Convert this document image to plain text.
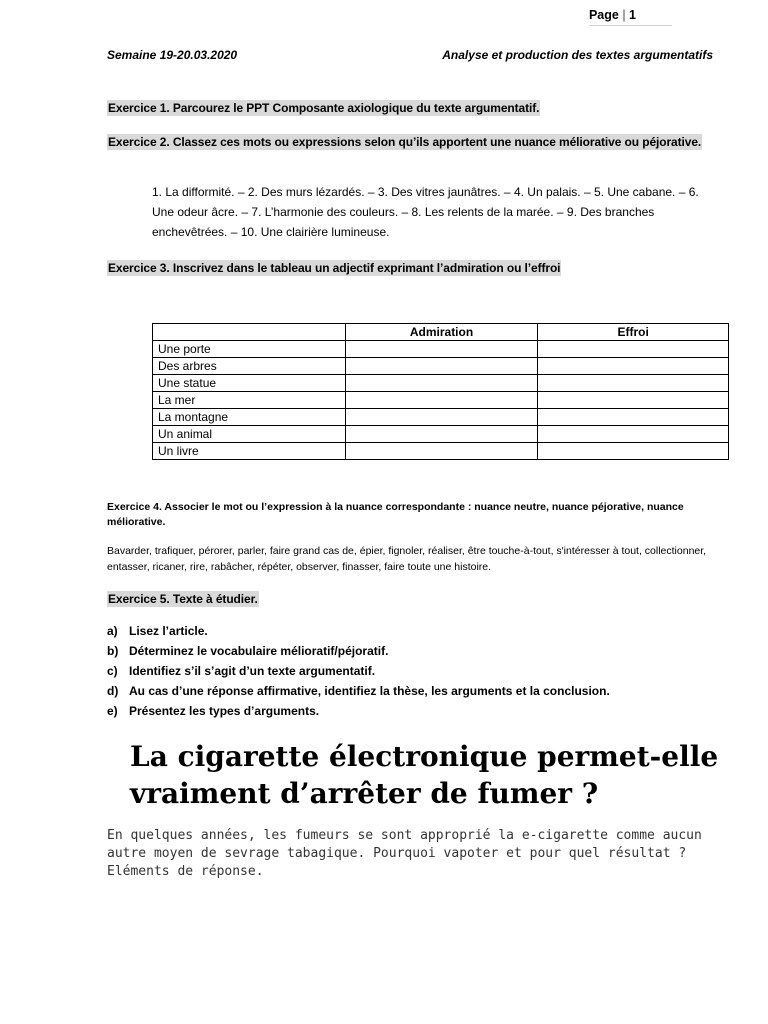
Page | 1
Semaine 19-20.03.2020	Analyse et production des textes argumentatifs
Exercice 1. Parcourez le PPT Composante axiologique du texte argumentatif.
Exercice 2. Classez ces mots ou expressions selon qu’ils apportent une nuance méliorative ou péjorative.
1. La difformité. – 2. Des murs lézardés. – 3. Des vitres jaunâtres. – 4. Un palais. – 5. Une cabane. – 6. Une odeur âcre. – 7. L’harmonie des couleurs. – 8. Les relents de la marée. – 9. Des branches enchevêtrées. – 10. Une clairière lumineuse.
Exercice 3. Inscrivez dans le tableau un adjectif exprimant l’admiration ou l’effroi
	Admiration	Effroi
Une porte		
Des arbres		
Une statue		
La mer		
La montagne		
Un animal		
Un livre		
Exercice 4. Associer le mot ou l’expression à la nuance correspondante : nuance neutre, nuance péjorative, nuance méliorative.
Bavarder, trafiquer, pérorer, parler, faire grand cas de, épier, fignoler, réaliser, être touche-à-tout, s'intéresser à tout, collectionner, entasser, ricaner, rire, rabâcher, répéter, observer, finasser, faire toute une histoire.
Exercice 5. Texte à étudier.
a) Lisez l’article.
b) Déterminez le vocabulaire mélioratif/péjoratif.
c) Identifiez s’il s’agit d’un texte argumentatif.
d) Au cas d’une réponse affirmative, identifiez la thèse, les arguments et la conclusion.
e) Présentez les types d’arguments.
La cigarette électronique permet-elle vraiment d’arrêter de fumer ?
En quelques années, les fumeurs se sont approprié la e-cigarette comme aucun autre moyen de sevrage tabagique. Pourquoi vapoter et pour quel résultat ? Eléments de réponse.
